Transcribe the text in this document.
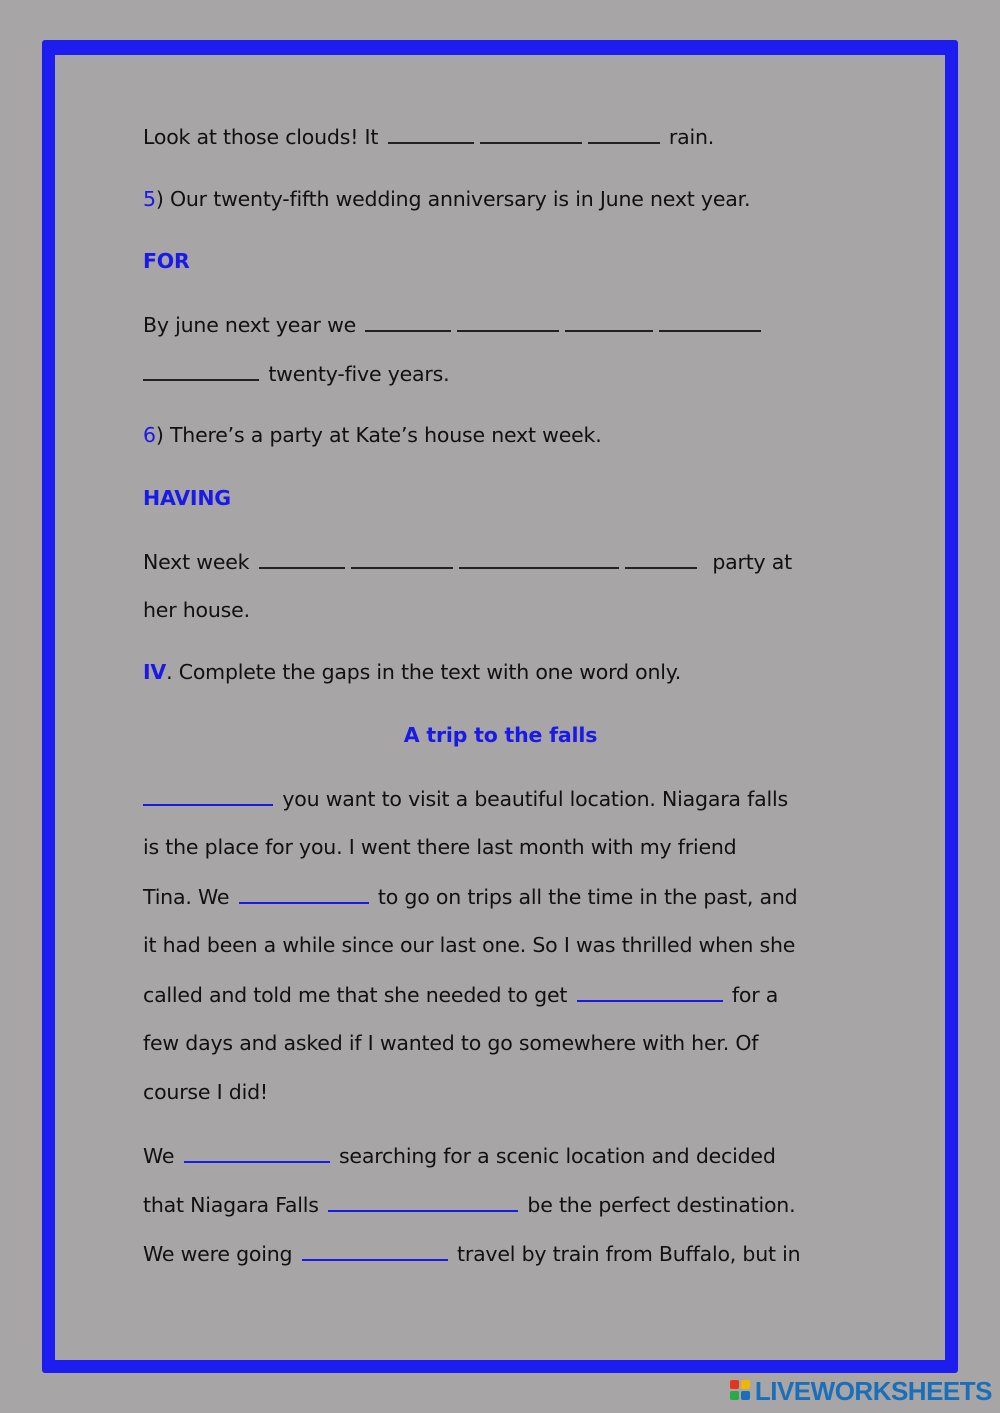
Look at those clouds! It	rain.
5) Our twenty-fifth wedding anniversary is in June next year.
FOR
By june next year we
twenty-five years.
6) There’s a party at Kate’s house next week.
HAVING
Next week	party at
her house.
IV. Complete the gaps in the text with one word only.
A trip to the falls
you want to visit a beautiful location. Niagara falls
is the place for you. I went there last month with my friend
Tina. We	to go on trips all the time in the past, and
it had been a while since our last one. So I was thrilled when she
called and told me that she needed to get	for a
few days and asked if I wanted to go somewhere with her. Of
course I did!
We	searching for a scenic location and decided
that Niagara Falls	be the perfect destination.
We were going	travel by train from Buffalo, but in
LIVEWORKSHEETS
